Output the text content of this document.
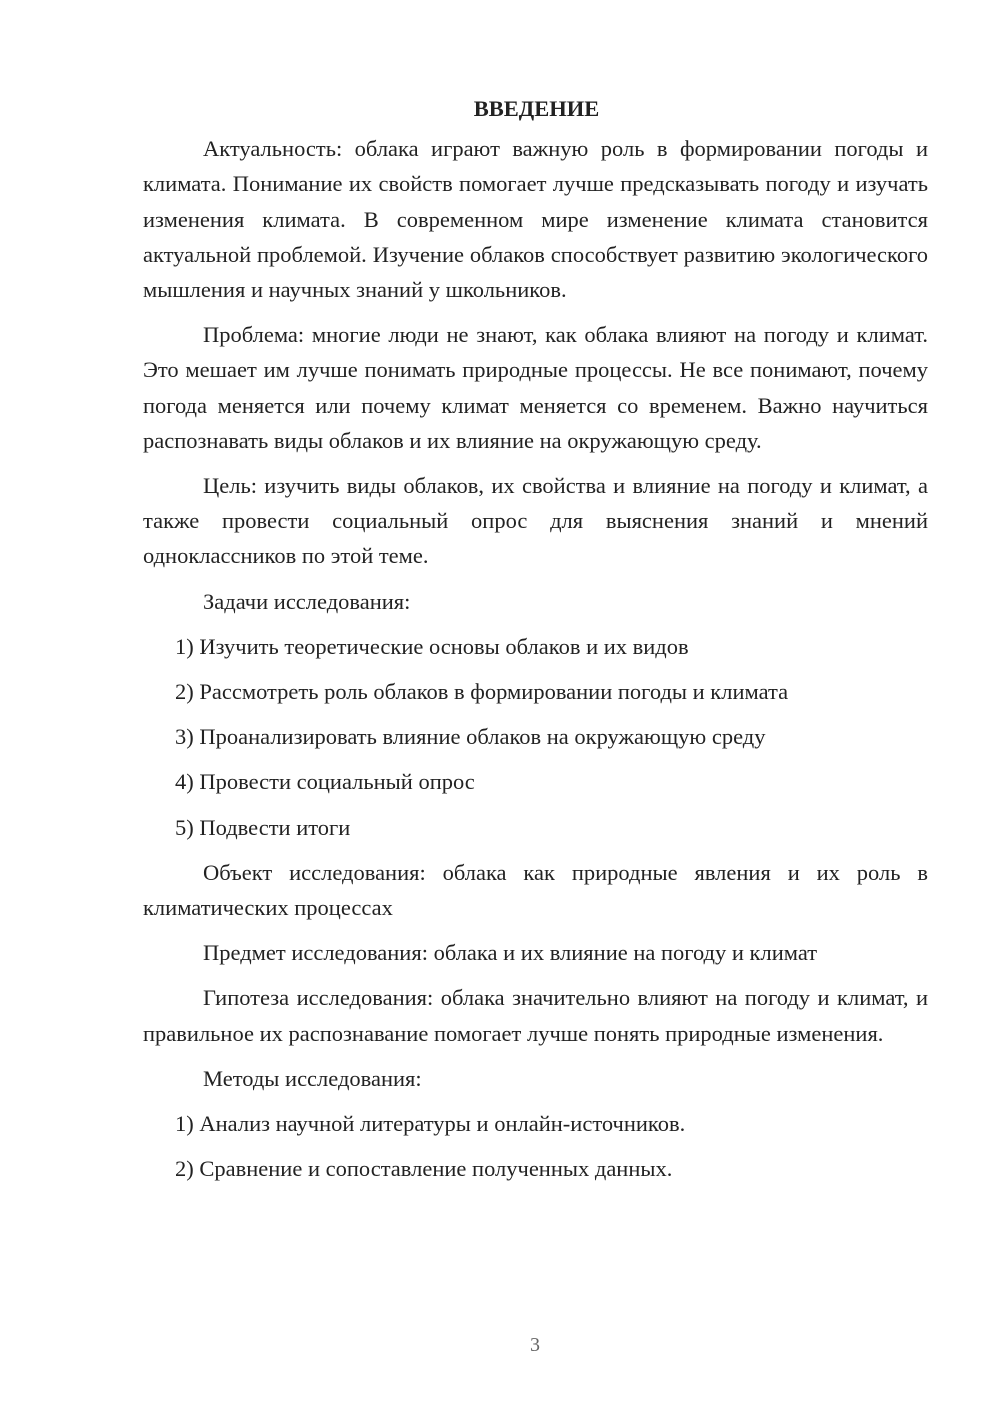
ВВЕДЕНИЕ

Актуальность: облака играют важную роль в формировании погоды и климата. Понимание их свойств помогает лучше предсказывать погоду и изучать изменения климата. В современном мире изменение климата становится актуальной проблемой. Изучение облаков способствует развитию экологического мышления и научных знаний у школьников.

Проблема: многие люди не знают, как облака влияют на погоду и климат. Это мешает им лучше понимать природные процессы. Не все понимают, почему погода меняется или почему климат меняется со временем. Важно научиться распознавать виды облаков и их влияние на окружающую среду.

Цель: изучить виды облаков, их свойства и влияние на погоду и климат, а также провести социальный опрос для выяснения знаний и мнений одноклассников по этой теме.

Задачи исследования:

1) Изучить теоретические основы облаков и их видов

2) Рассмотреть роль облаков в формировании погоды и климата

3) Проанализировать влияние облаков на окружающую среду

4) Провести социальный опрос

5) Подвести итоги

Объект исследования: облака как природные явления и их роль в климатических процессах

Предмет исследования: облака и их влияние на погоду и климат

Гипотеза исследования: облака значительно влияют на погоду и климат, и правильное их распознавание помогает лучше понять природные изменения.

Методы исследования:

1) Анализ научной литературы и онлайн-источников.

2) Сравнение и сопоставление полученных данных.

3
